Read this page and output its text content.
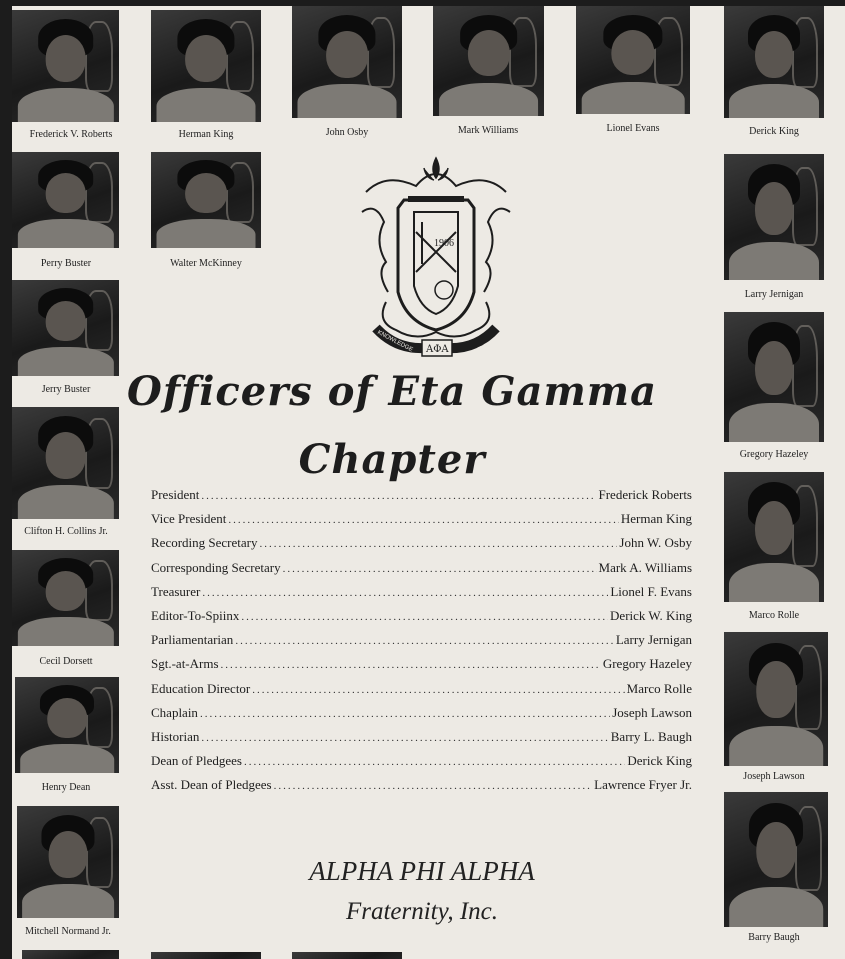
Frederick V. Roberts	Herman King	John Osby	Mark Williams	Lionel Evans	Derick King
Perry Buster	Walter McKinney
Jerry Buster
Clifton H. Collins Jr.
Cecil Dorsett
Henry Dean
Mitchell Normand Jr.
Larry Jernigan
Gregory Hazeley
Marco Rolle
Joseph Lawson
Barry Baugh
1906
KNOWLEDGE	ACHIEVEMENT
ΑΦΑ
Officers of Eta Gamma
Chapter
President .....	Frederick Roberts
Vice President .....	Herman King
Recording Secretary .....	John W. Osby
Corresponding Secretary .....	Mark A. Williams
Treasurer .....	Lionel F. Evans
Editor-To-Spiinx .....	Derick W. King
Parliamentarian .....	Larry Jernigan
Sgt.-at-Arms .....	Gregory Hazeley
Education Director .....	Marco Rolle
Chaplain .....	Joseph Lawson
Historian .....	Barry L. Baugh
Dean of Pledgees .....	Derick King
Asst. Dean of Pledgees .....	Lawrence Fryer Jr.
ALPHA PHI ALPHA
Fraternity, Inc.
